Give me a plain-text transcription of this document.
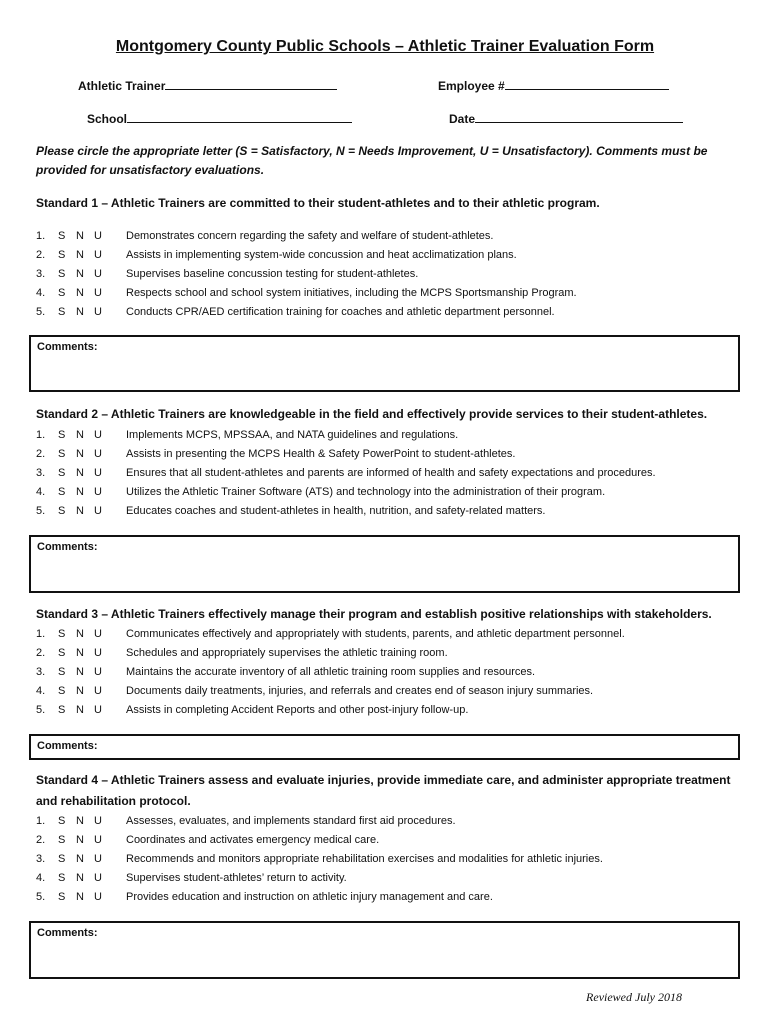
Montgomery County Public Schools – Athletic Trainer Evaluation Form
Athletic Trainer	Employee #
School	Date
Please circle the appropriate letter (S = Satisfactory, N = Needs Improvement, U = Unsatisfactory). Comments must be provided for unsatisfactory evaluations.
Standard 1 – Athletic Trainers are committed to their student-athletes and to their athletic program.
1. S N U Demonstrates concern regarding the safety and welfare of student-athletes.
2. S N U Assists in implementing system-wide concussion and heat acclimatization plans.
3. S N U Supervises baseline concussion testing for student-athletes.
4. S N U Respects school and school system initiatives, including the MCPS Sportsmanship Program.
5. S N U Conducts CPR/AED certification training for coaches and athletic department personnel.
Comments:
Standard 2 – Athletic Trainers are knowledgeable in the field and effectively provide services to their student-athletes.
1. S N U Implements MCPS, MPSSAA, and NATA guidelines and regulations.
2. S N U Assists in presenting the MCPS Health & Safety PowerPoint to student-athletes.
3. S N U Ensures that all student-athletes and parents are informed of health and safety expectations and procedures.
4. S N U Utilizes the Athletic Trainer Software (ATS) and technology into the administration of their program.
5. S N U Educates coaches and student-athletes in health, nutrition, and safety-related matters.
Comments:
Standard 3 – Athletic Trainers effectively manage their program and establish positive relationships with stakeholders.
1. S N U Communicates effectively and appropriately with students, parents, and athletic department personnel.
2. S N U Schedules and appropriately supervises the athletic training room.
3. S N U Maintains the accurate inventory of all athletic training room supplies and resources.
4. S N U Documents daily treatments, injuries, and referrals and creates end of season injury summaries.
5. S N U Assists in completing Accident Reports and other post-injury follow-up.
Comments:
Standard 4 – Athletic Trainers assess and evaluate injuries, provide immediate care, and administer appropriate treatment and rehabilitation protocol.
1. S N U Assesses, evaluates, and implements standard first aid procedures.
2. S N U Coordinates and activates emergency medical care.
3. S N U Recommends and monitors appropriate rehabilitation exercises and modalities for athletic injuries.
4. S N U Supervises student-athletes’ return to activity.
5. S N U Provides education and instruction on athletic injury management and care.
Comments:
Reviewed July 2018
